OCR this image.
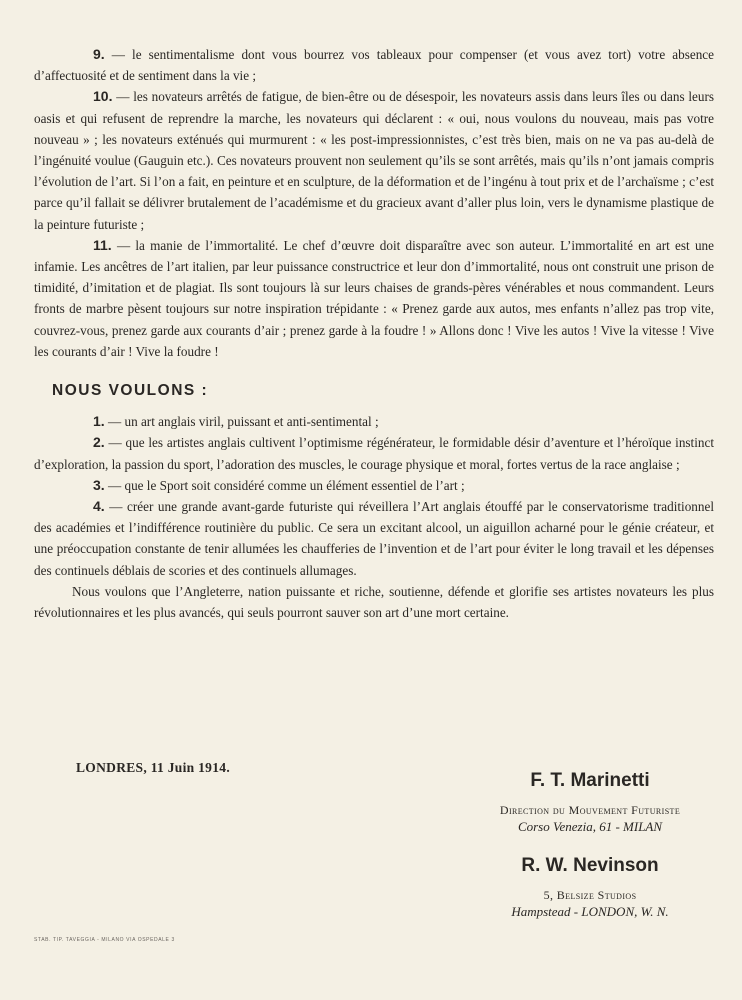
9. — le sentimentalisme dont vous bourrez vos tableaux pour compenser (et vous avez tort) votre absence d’affectuosité et de sentiment dans la vie ;

10. — les novateurs arrêtés de fatigue, de bien-être ou de désespoir, les novateurs assis dans leurs îles ou dans leurs oasis et qui refusent de reprendre la marche, les novateurs qui déclarent : « oui, nous voulons du nouveau, mais pas votre nouveau » ; les novateurs exténués qui murmurent : « les post-impressionnistes, c’est très bien, mais on ne va pas au-delà de l’ingénuité voulue (Gauguin etc.). Ces novateurs prouvent non seulement qu’ils se sont arrêtés, mais qu’ils n’ont jamais compris l’évolution de l’art. Si l’on a fait, en peinture et en sculpture, de la déformation et de l’ingénu à tout prix et de l’archaïsme ; c’est parce qu’il fallait se délivrer brutalement de l’académisme et du gracieux avant d’aller plus loin, vers le dynamisme plastique de la peinture futuriste ;

11. — la manie de l’immortalité. Le chef d’œuvre doit disparaître avec son auteur. L’immortalité en art est une infamie. Les ancêtres de l’art italien, par leur puissance constructrice et leur don d’immortalité, nous ont construit une prison de timidité, d’imitation et de plagiat. Ils sont toujours là sur leurs chaises de grands-pères vénérables et nous commandent. Leurs fronts de marbre pèsent toujours sur notre inspiration trépidante : « Prenez garde aux autos, mes enfants n’allez pas trop vite, couvrez-vous, prenez garde aux courants d’air ; prenez garde à la foudre ! » Allons donc ! Vive les autos ! Vive la vitesse ! Vive les courants d’air ! Vive la foudre !

NOUS VOULONS :

1. — un art anglais viril, puissant et anti-sentimental ;

2. — que les artistes anglais cultivent l’optimisme régénérateur, le formidable désir d’aventure et l’héroïque instinct d’exploration, la passion du sport, l’adoration des muscles, le courage physique et moral, fortes vertus de la race anglaise ;

3. — que le Sport soit considéré comme un élément essentiel de l’art ;

4. — créer une grande avant-garde futuriste qui réveillera l’Art anglais étouffé par le conservatorisme traditionnel des académies et l’indifférence routinière du public. Ce sera un excitant alcool, un aiguillon acharné pour le génie créateur, et une préoccupation constante de tenir allumées les chaufferies de l’invention et de l’art pour éviter le long travail et les dépenses des continuels déblais de scories et des continuels allumages.

Nous voulons que l’Angleterre, nation puissante et riche, soutienne, défende et glorifie ses artistes novateurs les plus révolutionnaires et les plus avancés, qui seuls pourront sauver son art d’une mort certaine.

LONDRES, 11 Juin 1914.
F. T. Marinetti
Direction du Mouvement Futuriste
Corso Venezia, 61 - MILAN
R. W. Nevinson
5, Belsize Studios
Hampstead - LONDON, W. N.
STAB. TIP. TAVEGGIA - MILANO VIA OSPEDALE 3
